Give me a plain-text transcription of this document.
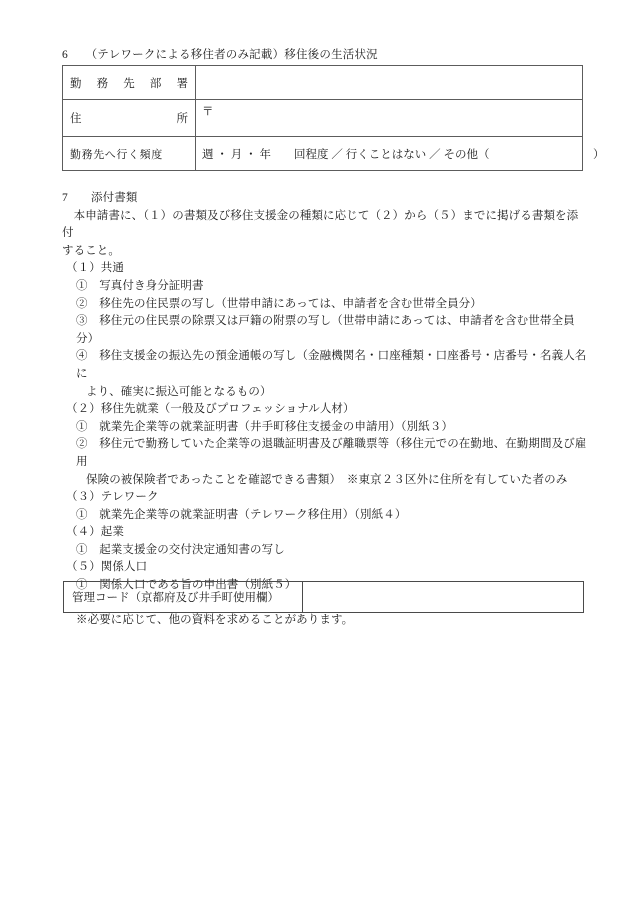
6　　（テレワークによる移住者のみ記載）移住後の生活状況
勤 務 先 部 署	

住 所	〒
勤務先へ行く頻度	週 ・ 月 ・ 年　　回程度 ／ 行くことはない ／ その他（　　　　　　　　　）
7　　添付書類
　本申請書に、（１）の書類及び移住支援金の種類に応じて（２）から（５）までに掲げる書類を添付
すること。
（１）共通
①　写真付き身分証明書
②　移住先の住民票の写し（世帯申請にあっては、申請者を含む世帯全員分）
③　移住元の住民票の除票又は戸籍の附票の写し（世帯申請にあっては、申請者を含む世帯全員分）
④　移住支援金の振込先の預金通帳の写し（金融機関名・口座種類・口座番号・店番号・名義人名に
より、確実に振込可能となるもの）
（２）移住先就業（一般及びプロフェッショナル人材）
①　就業先企業等の就業証明書（井手町移住支援金の申請用）（別紙３）
②　移住元で勤務していた企業等の退職証明書及び離職票等（移住元での在勤地、在勤期間及び雇用
保険の被保険者であったことを確認できる書類）　※東京２３区外に住所を有していた者のみ
（３）テレワーク
①　就業先企業等の就業証明書（テレワーク移住用）（別紙４）
（４）起業
①　起業支援金の交付決定通知書の写し
（５）関係人口
①　関係人口である旨の申出書（別紙５）
※必要に応じて、他の資料を求めることがあります。
管理コード（京都府及び井手町使用欄）	
